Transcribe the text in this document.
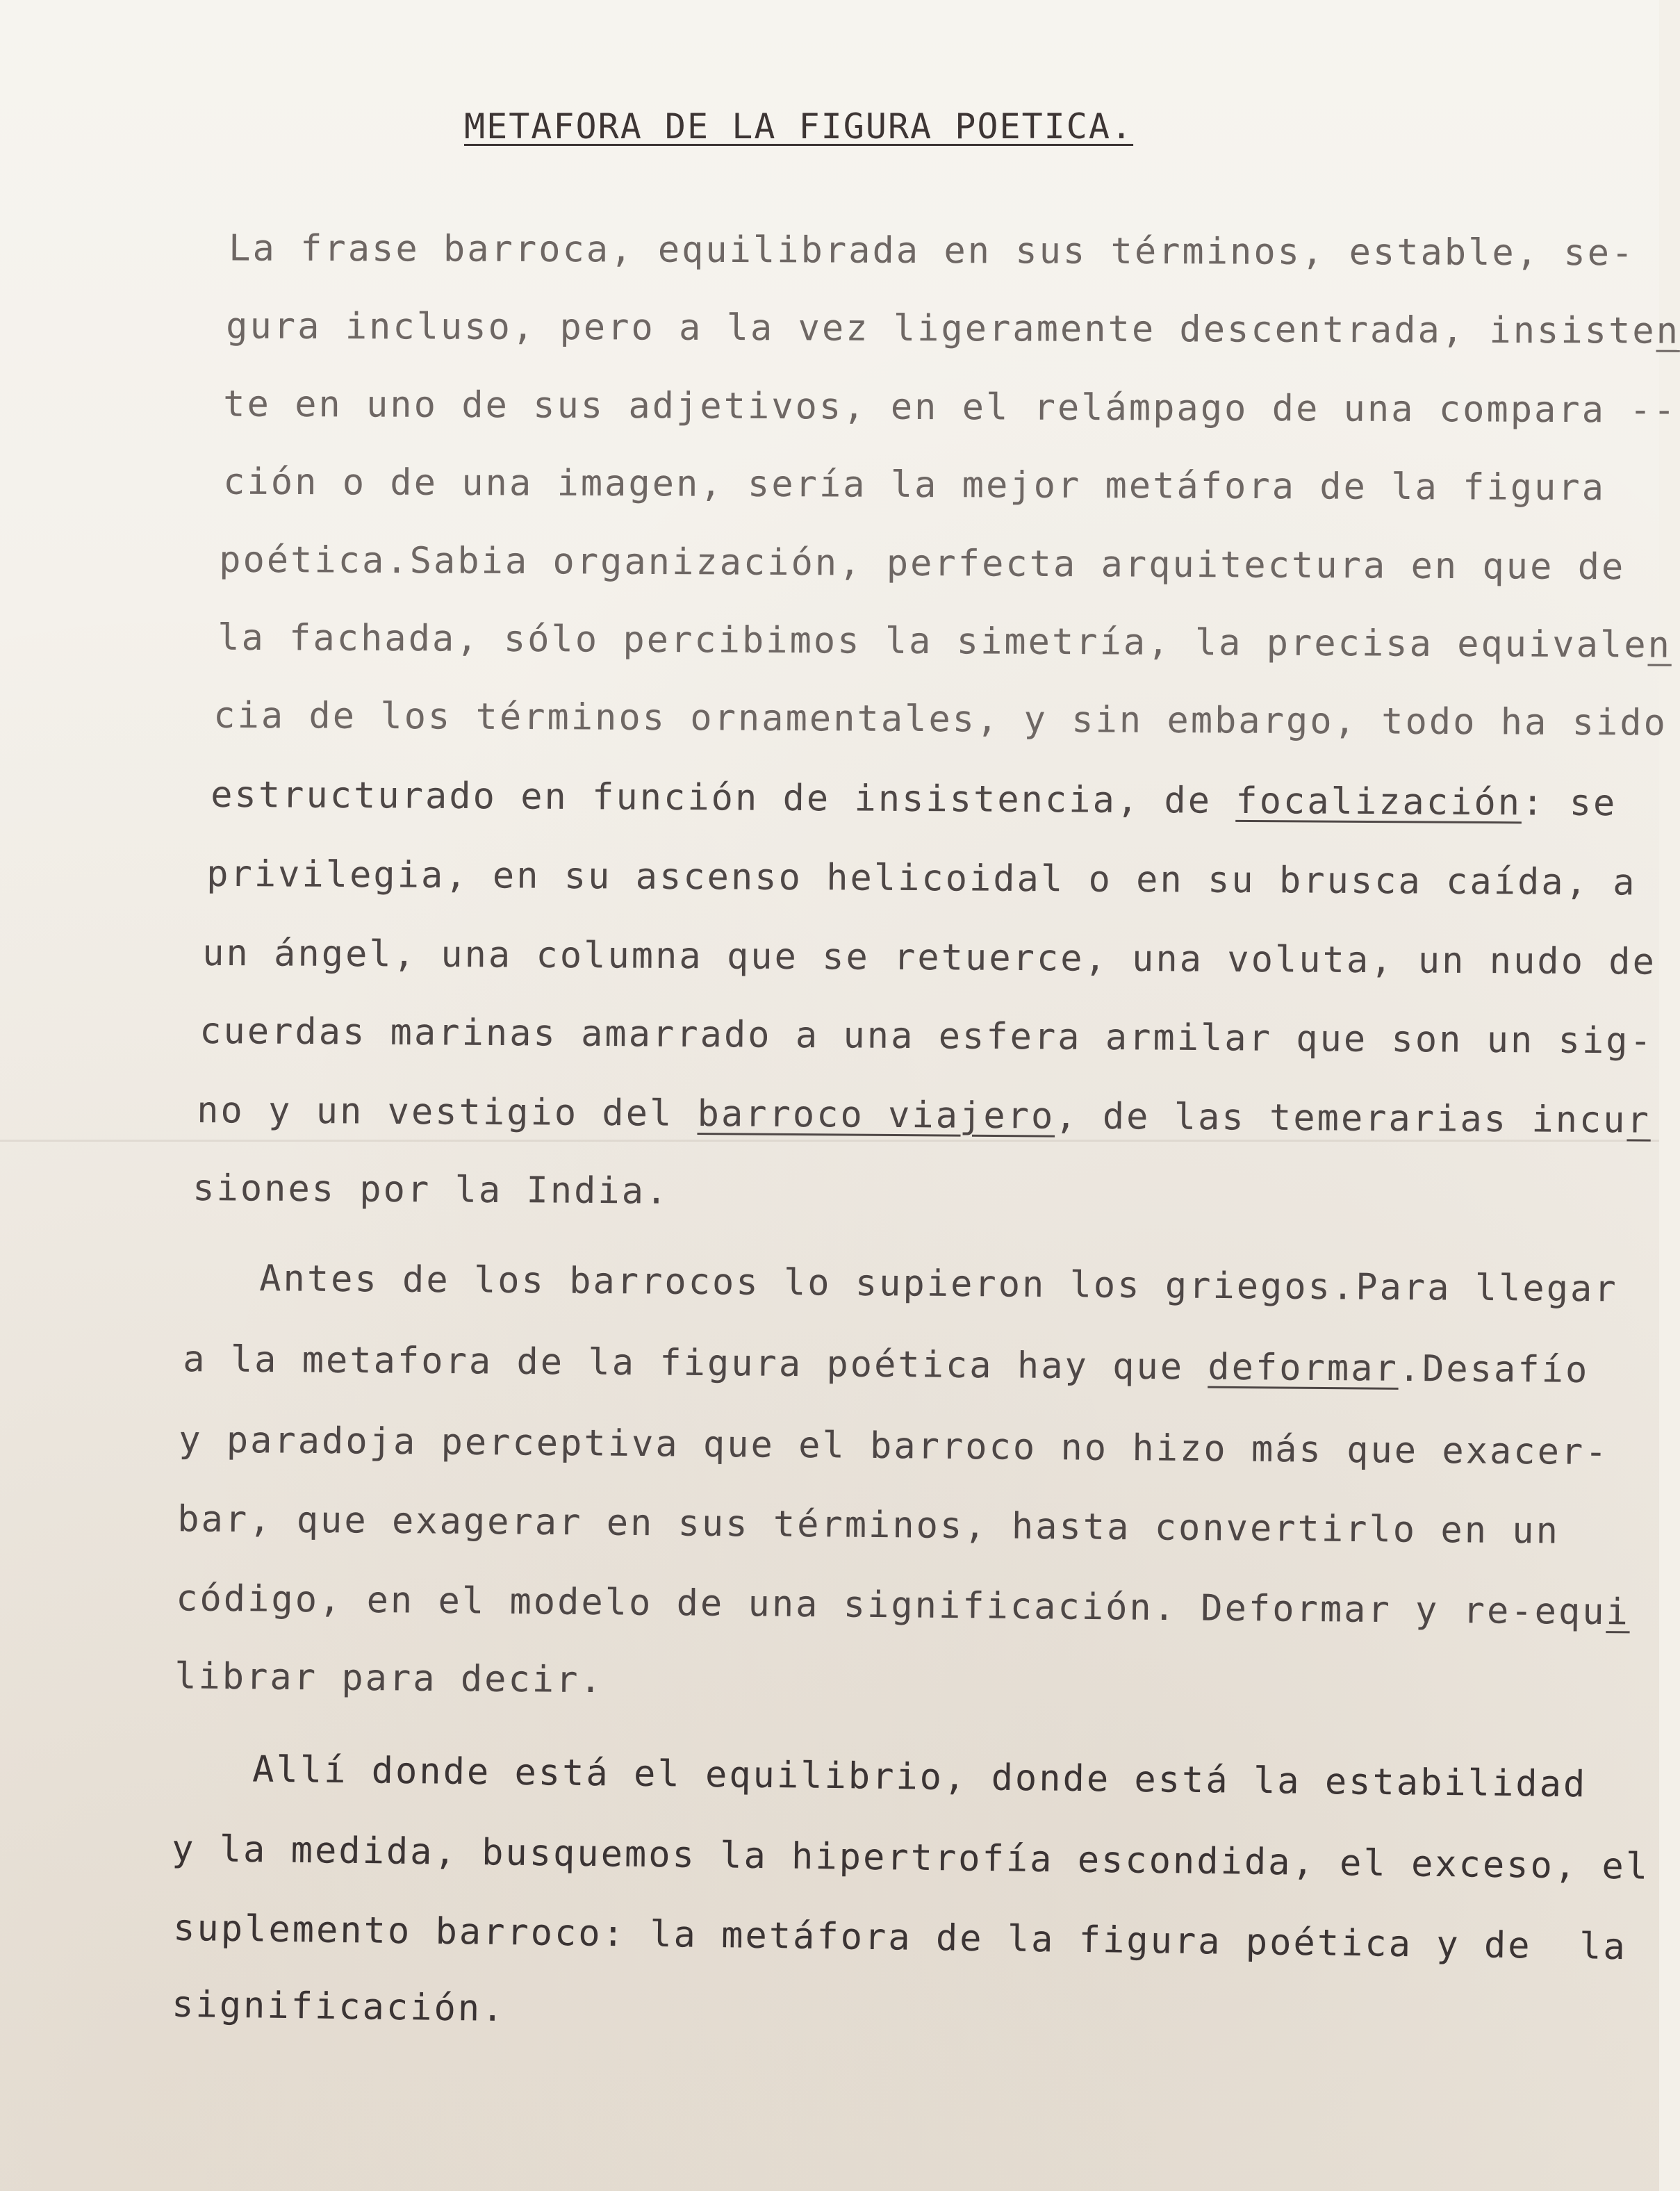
METAFORA DE LA FIGURA POETICA.

La frase barroca, equilibrada en sus términos, estable, se-

gura incluso, pero a la vez ligeramente descentrada, insisten

te en uno de sus adjetivos, en el relámpago de una compara --

ción o de una imagen, sería la mejor metáfora de la figura

poética.Sabia organización, perfecta arquitectura en que de

la fachada, sólo percibimos la simetría, la precisa equivalen

cia de los términos ornamentales, y sin embargo, todo ha sido

estructurado en función de insistencia, de focalización: se

privilegia, en su ascenso helicoidal o en su brusca caída, a

un ángel, una columna que se retuerce, una voluta, un nudo de

cuerdas marinas amarrado a una esfera armilar que son un sig-

no y un vestigio del barroco viajero, de las temerarias incur

siones por la India.

Antes de los barrocos lo supieron los griegos.Para llegar

a la metafora de la figura poética hay que deformar.Desafío

y paradoja perceptiva que el barroco no hizo más que exacer-

bar, que exagerar en sus términos, hasta convertirlo en un

código, en el modelo de una significación. Deformar y re-equi

librar para decir.

Allí donde está el equilibrio, donde está la estabilidad

y la medida, busquemos la hipertrofía escondida, el exceso, el

suplemento barroco: la metáfora de la figura poética y de  la

significación.
